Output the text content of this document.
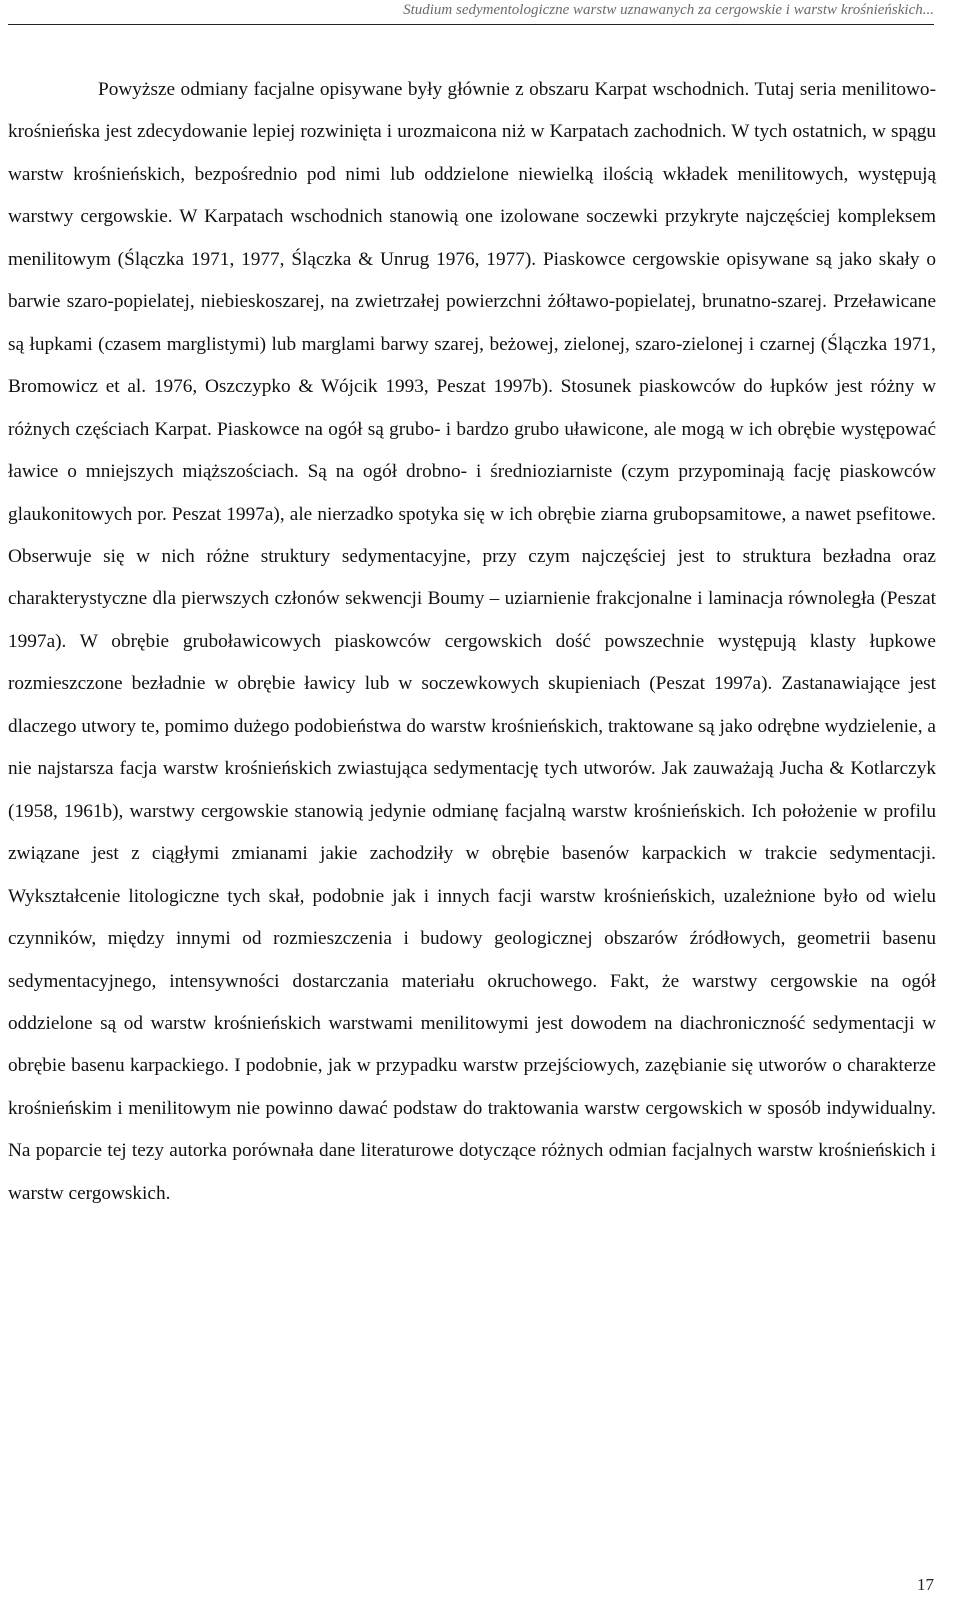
Studium sedymentologiczne warstw uznawanych za cergowskie i warstw krośnieńskich...

Powyższe odmiany facjalne opisywane były głównie z obszaru Karpat wschodnich. Tutaj seria menilitowo-krośnieńska jest zdecydowanie lepiej rozwinięta i urozmaicona niż w Karpatach zachodnich. W tych ostatnich, w spągu warstw krośnieńskich, bezpośrednio pod nimi lub oddzielone niewielką ilością wkładek menilitowych, występują warstwy cergowskie. W Karpatach wschodnich stanowią one izolowane soczewki przykryte najczęściej kompleksem menilitowym (Ślączka 1971, 1977, Ślączka & Unrug 1976, 1977). Piaskowce cergowskie opisywane są jako skały o barwie szaro-popielatej, niebieskoszarej, na zwietrzałej powierzchni żółtawo-popielatej, brunatno-szarej. Przeławicane są łupkami (czasem marglistymi) lub marglami barwy szarej, beżowej, zielonej, szaro-zielonej i czarnej (Ślączka 1971, Bromowicz et al. 1976, Oszczypko & Wójcik 1993, Peszat 1997b). Stosunek piaskowców do łupków jest różny w różnych częściach Karpat. Piaskowce na ogół są grubo- i bardzo grubo uławicone, ale mogą w ich obrębie występować ławice o mniejszych miąższościach. Są na ogół drobno- i średnioziarniste (czym przypominają fację piaskowców glaukonitowych por. Peszat 1997a), ale nierzadko spotyka się w ich obrębie ziarna grubopsamitowe, a nawet psefitowe. Obserwuje się w nich różne struktury sedymentacyjne, przy czym najczęściej jest to struktura bezładna oraz charakterystyczne dla pierwszych członów sekwencji Boumy – uziarnienie frakcjonalne i laminacja równoległa (Peszat 1997a). W obrębie gruboławicowych piaskowców cergowskich dość powszechnie występują klasty łupkowe rozmieszczone bezładnie w obrębie ławicy lub w soczewkowych skupieniach (Peszat 1997a). Zastanawiające jest dlaczego utwory te, pomimo dużego podobieństwa do warstw krośnieńskich, traktowane są jako odrębne wydzielenie, a nie najstarsza facja warstw krośnieńskich zwiastująca sedymentację tych utworów. Jak zauważają Jucha & Kotlarczyk (1958, 1961b), warstwy cergowskie stanowią jedynie odmianę facjalną warstw krośnieńskich. Ich położenie w profilu związane jest z ciągłymi zmianami jakie zachodziły w obrębie basenów karpackich w trakcie sedymentacji. Wykształcenie litologiczne tych skał, podobnie jak i innych facji warstw krośnieńskich, uzależnione było od wielu czynników, między innymi od rozmieszczenia i budowy geologicznej obszarów źródłowych, geometrii basenu sedymentacyjnego, intensywności dostarczania materiału okruchowego. Fakt, że warstwy cergowskie na ogół oddzielone są od warstw krośnieńskich warstwami menilitowymi jest dowodem na diachroniczność sedymentacji w obrębie basenu karpackiego. I podobnie, jak w przypadku warstw przejściowych, zazębianie się utworów o charakterze krośnieńskim i menilitowym nie powinno dawać podstaw do traktowania warstw cergowskich w sposób indywidualny. Na poparcie tej tezy autorka porównała dane literaturowe dotyczące różnych odmian facjalnych warstw krośnieńskich i warstw cergowskich.

17
